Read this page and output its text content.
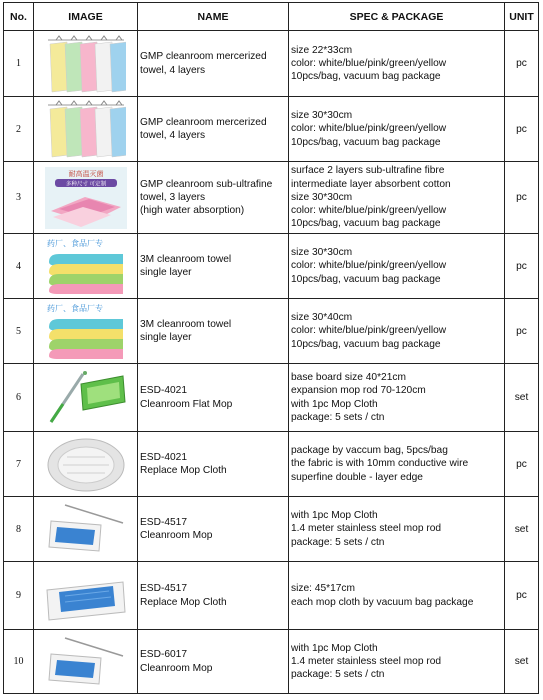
No.	IMAGE	NAME	SPEC & PACKAGE	UNIT
1		GMP cleanroom mercerized
towel, 4 layers	size 22*33cm
color: white/blue/pink/green/yellow
10pcs/bag, vacuum bag package	pc
2		GMP cleanroom mercerized
towel, 4 layers	size 30*30cm
color: white/blue/pink/green/yellow
10pcs/bag, vacuum bag package	pc
3	耐高温灭菌
多种尺寸 可定制	GMP cleanroom sub-ultrafine
towel, 3 layers
(high water absorption)	surface 2 layers sub-ultrafine fibre
intermediate layer absorbent cotton
size 30*30cm
color: white/blue/pink/green/yellow
10pcs/bag, vacuum bag package	pc
4	药厂、食品厂专	3M cleanroom towel
single layer	size 30*30cm
color: white/blue/pink/green/yellow
10pcs/bag, vacuum bag package	pc
5	药厂、食品厂专	3M cleanroom towel
single layer	size 30*40cm
color: white/blue/pink/green/yellow
10pcs/bag, vacuum bag package	pc
6		ESD-4021
Cleanroom Flat Mop	base board size 40*21cm
expansion mop rod 70-120cm
with 1pc Mop Cloth
package: 5 sets / ctn	set
7		ESD-4021
Replace Mop Cloth	package by vaccum bag, 5pcs/bag
the fabric is with 10mm conductive wire
superfine double - layer edge	pc
8		ESD-4517
Cleanroom Mop	with 1pc Mop Cloth
1.4 meter stainless steel mop rod
package: 5 sets / ctn	set
9		ESD-4517
Replace Mop Cloth	size: 45*17cm
each mop cloth by vacuum bag package	pc
10		ESD-6017
Cleanroom Mop	with 1pc Mop Cloth
1.4 meter stainless steel mop rod
package: 5 sets / ctn	set
